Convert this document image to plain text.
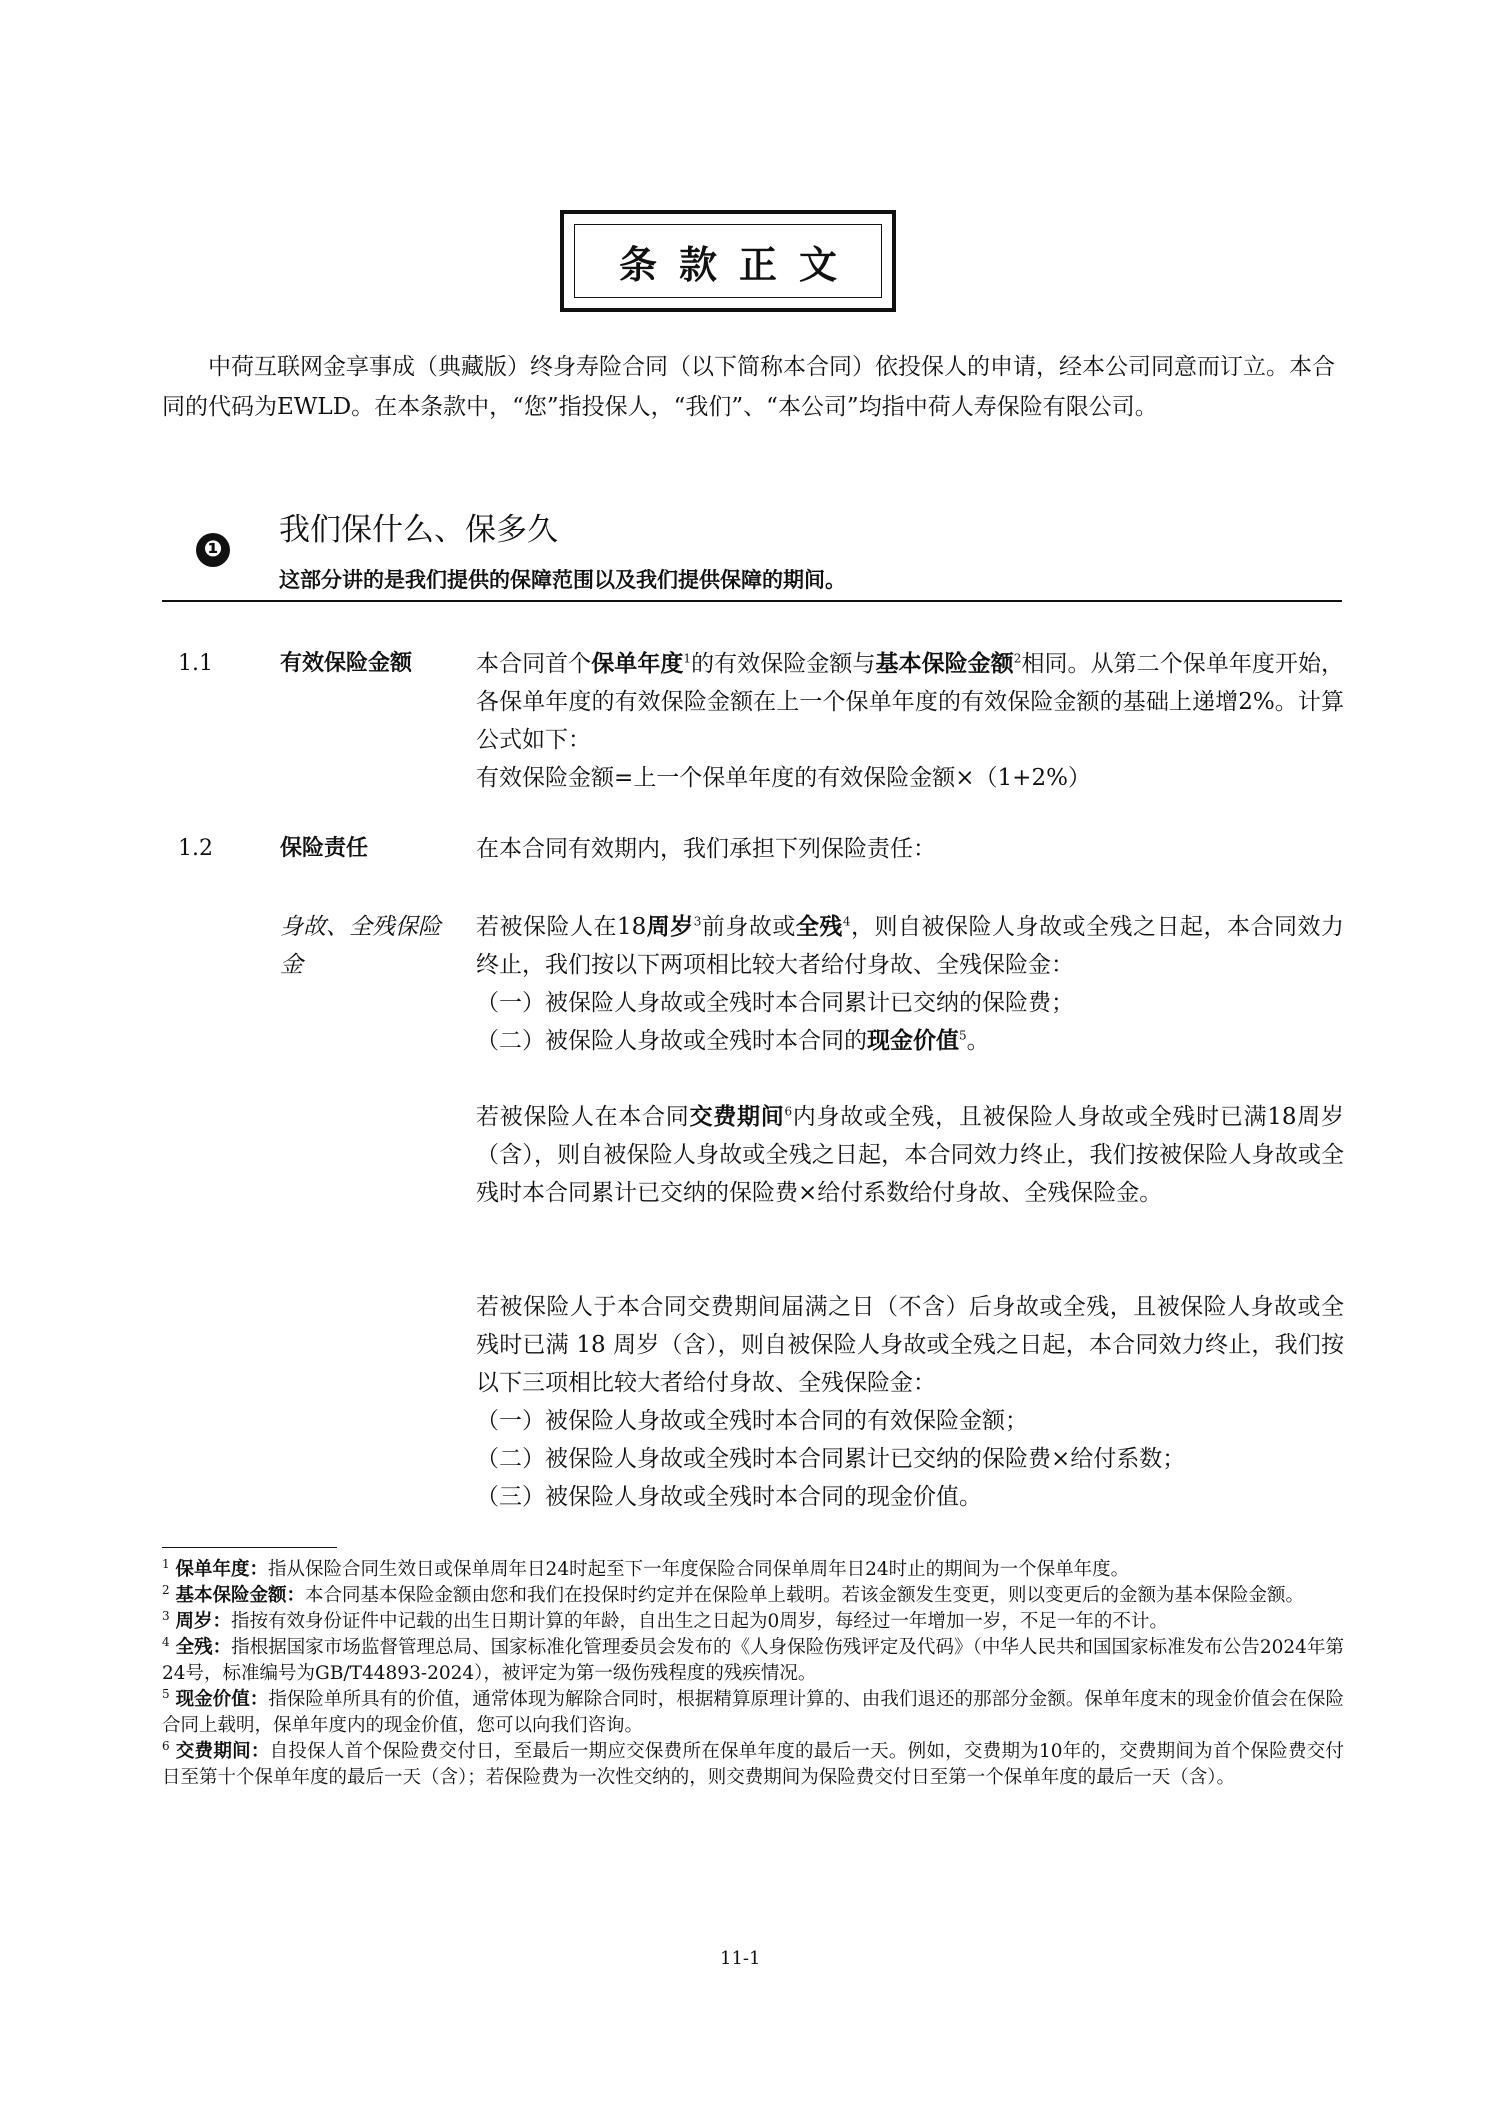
条款正文

中荷互联网金享事成（典藏版）终身寿险合同（以下简称本合同）依投保人的申请，经本公司同意而订立。本合同的代码为EWLD。在本条款中，“您”指投保人，“我们”、“本公司”均指中荷人寿保险有限公司。

❶
我们保什么、保多久
这部分讲的是我们提供的保障范围以及我们提供保障的期间。
1.1	有效保险金额	本合同首个保单年度$^1$的有效保险金额与基本保险金额$^2$相同。从第二个保单年度开始，各保单年度的有效保险金额在上一个保单年度的有效保险金额的基础上递增2%。计算公式如下：

有效保险金额=上一个保单年度的有效保险金额×（1+2%）

1.2	保险责任	在本合同有效期内，我们承担下列保险责任：
身故、全残保险金

若被保险人在18周岁$^3$前身故或全残$^4$，则自被保险人身故或全残之日起，本合同效力终止，我们按以下两项相比较大者给付身故、全残保险金：

（一）被保险人身故或全残时本合同累计已交纳的保险费；

（二）被保险人身故或全残时本合同的现金价值$^5$。

若被保险人在本合同交费期间$^6$内身故或全残，且被保险人身故或全残时已满18周岁（含），则自被保险人身故或全残之日起，本合同效力终止，我们按被保险人身故或全残时本合同累计已交纳的保险费×给付系数给付身故、全残保险金。

若被保险人于本合同交费期间届满之日（不含）后身故或全残，且被保险人身故或全残时已满 18 周岁（含），则自被保险人身故或全残之日起，本合同效力终止，我们按以下三项相比较大者给付身故、全残保险金：

（一）被保险人身故或全残时本合同的有效保险金额；

（二）被保险人身故或全残时本合同累计已交纳的保险费×给付系数；

（三）被保险人身故或全残时本合同的现金价值。

$^1$ 保单年度：指从保险合同生效日或保单周年日24时起至下一年度保险合同保单周年日24时止的期间为一个保单年度。

$^2$ 基本保险金额：本合同基本保险金额由您和我们在投保时约定并在保险单上载明。若该金额发生变更，则以变更后的金额为基本保险金额。

$^3$ 周岁：指按有效身份证件中记载的出生日期计算的年龄，自出生之日起为0周岁，每经过一年增加一岁，不足一年的不计。

$^4$ 全残：指根据国家市场监督管理总局、国家标准化管理委员会发布的《人身保险伤残评定及代码》（中华人民共和国国家标准发布公告2024年第24号，标准编号为GB/T44893-2024），被评定为第一级伤残程度的残疾情况。

$^5$ 现金价值：指保险单所具有的价值，通常体现为解除合同时，根据精算原理计算的、由我们退还的那部分金额。保单年度末的现金价值会在保险合同上载明，保单年度内的现金价值，您可以向我们咨询。

$^6$ 交费期间：自投保人首个保险费交付日，至最后一期应交保费所在保单年度的最后一天。例如，交费期为10年的，交费期间为首个保险费交付日至第十个保单年度的最后一天（含）；若保险费为一次性交纳的，则交费期间为保险费交付日至第一个保单年度的最后一天（含）。

11-1
